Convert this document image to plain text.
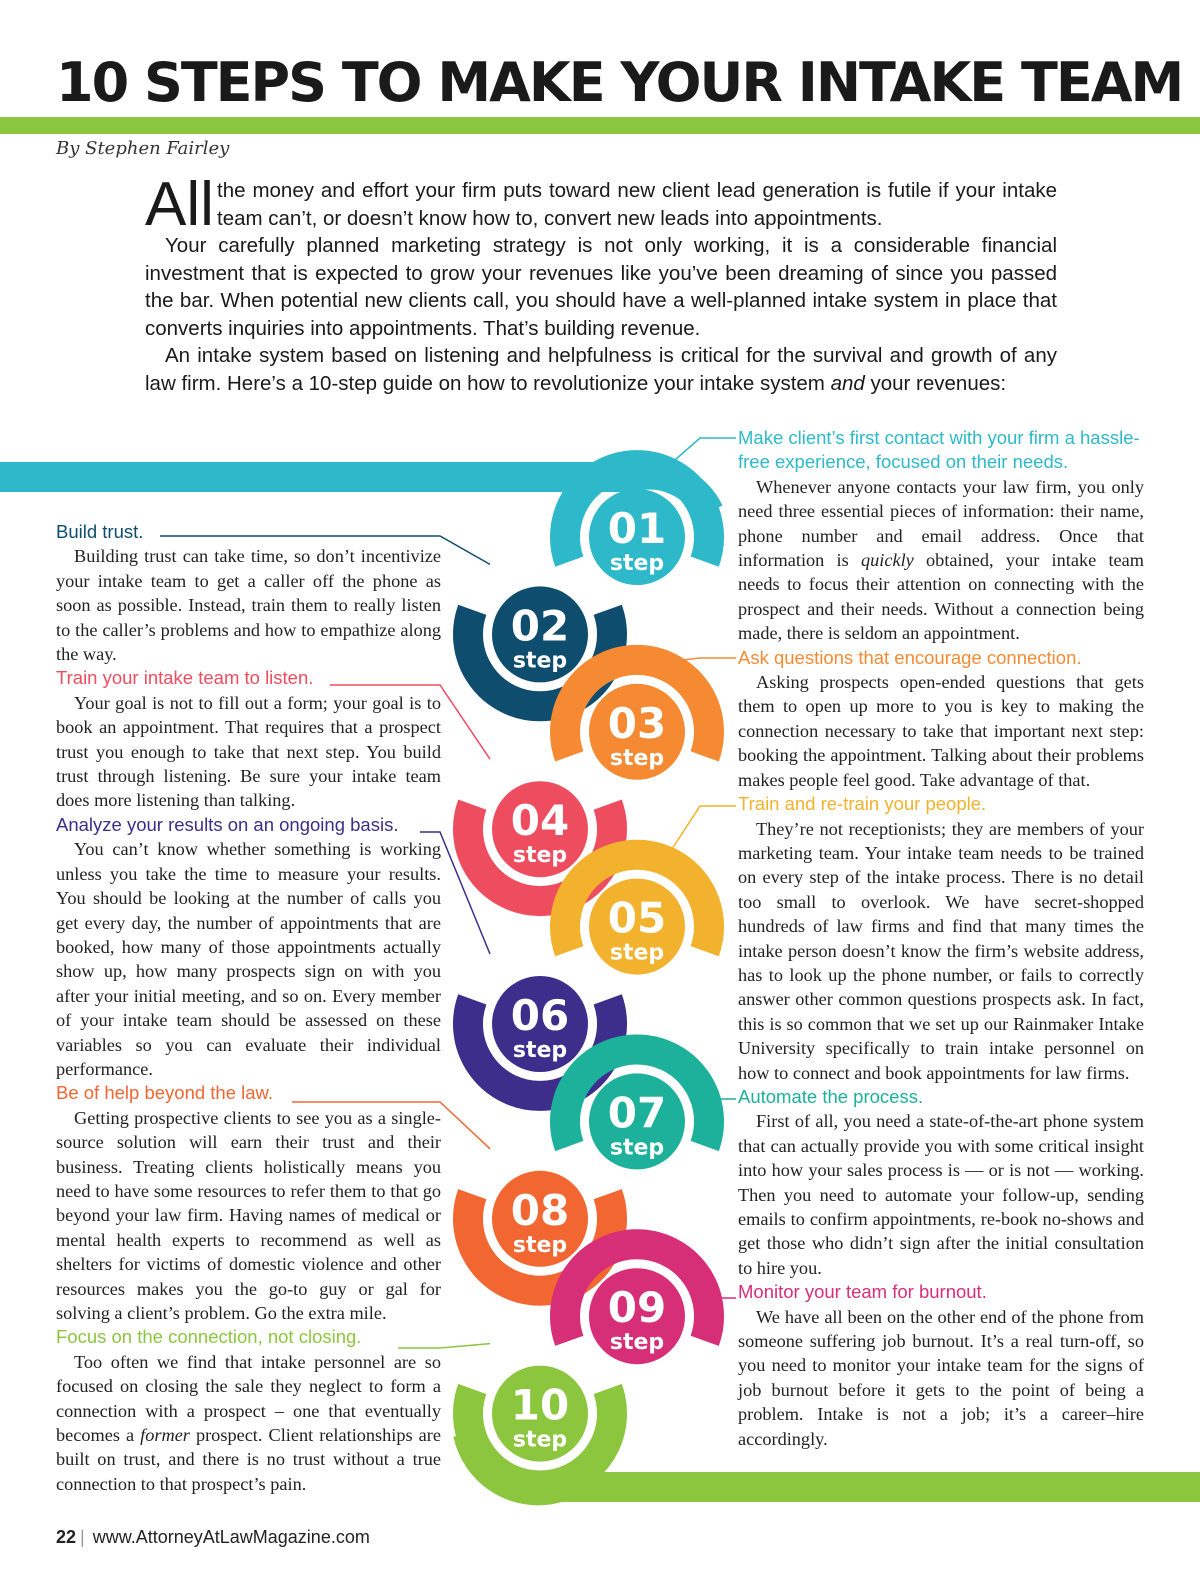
10 STEPS TO MAKE YOUR INTAKE TEAM
By Stephen Fairley
All the money and effort your firm puts toward new client lead generation is futile if your intake team can’t, or doesn’t know how to, convert new leads into appointments.

Your carefully planned marketing strategy is not only working, it is a considerable financial investment that is expected to grow your revenues like you’ve been dreaming of since you passed the bar. When potential new clients call, you should have a well-planned intake system in place that converts inquiries into appointments. That’s building revenue.

An intake system based on listening and helpfulness is critical for the survival and growth of any law firm. Here’s a 10-step guide on how to revolutionize your intake system and your revenues:

01
step
02
step
03
step
04
step
05
step
06
step
07
step
08
step
09
step
10
step
Build trust.

Building trust can take time, so don’t incentivize your intake team to get a caller off the phone as soon as possible. Instead, train them to really listen to the caller’s problems and how to empathize along the way.

Train your intake team to listen.

Your goal is not to fill out a form; your goal is to book an appointment. That requires that a prospect trust you enough to take that next step. You build trust through listening. Be sure your intake team does more listening than talking.

Analyze your results on an ongoing basis.

You can’t know whether something is working unless you take the time to measure your results. You should be looking at the number of calls you get every day, the number of appointments that are booked, how many of those appointments actually show up, how many prospects sign on with you after your initial meeting, and so on. Every member of your intake team should be assessed on these variables so you can evaluate their individual performance.

Be of help beyond the law.

Getting prospective clients to see you as a single-source solution will earn their trust and their business. Treating clients holistically means you need to have some resources to refer them to that go beyond your law firm. Having names of medical or mental health experts to recommend as well as shelters for victims of domestic violence and other resources makes you the go-to guy or gal for solving a client’s problem. Go the extra mile.

Focus on the connection, not closing.

Too often we find that intake personnel are so focused on closing the sale they neglect to form a connection with a prospect – one that eventually becomes a former prospect. Client relationships are built on trust, and there is no trust without a true connection to that prospect’s pain.

Make client’s first contact with your firm a hassle-free experience, focused on their needs.

Whenever anyone contacts your law firm, you only need three essential pieces of information: their name, phone number and email address. Once that information is quickly obtained, your intake team needs to focus their attention on connecting with the prospect and their needs. Without a connection being made, there is seldom an appointment.

Ask questions that encourage connection.

Asking prospects open-ended questions that gets them to open up more to you is key to making the connection necessary to take that important next step: booking the appointment. Talking about their problems makes people feel good. Take advantage of that.

Train and re-train your people.

They’re not receptionists; they are members of your marketing team. Your intake team needs to be trained on every step of the intake process. There is no detail too small to overlook. We have secret-shopped hundreds of law firms and find that many times the intake person doesn’t know the firm’s website address, has to look up the phone number, or fails to correctly answer other common questions prospects ask. In fact, this is so common that we set up our Rainmaker Intake University specifically to train intake personnel on how to connect and book appointments for law firms.

Automate the process.

First of all, you need a state-of-the-art phone system that can actually provide you with some critical insight into how your sales process is — or is not — working. Then you need to automate your follow-up, sending emails to confirm appointments, re-book no-shows and get those who didn’t sign after the initial consultation to hire you.

Monitor your team for burnout.

We have all been on the other end of the phone from someone suffering job burnout. It’s a real turn-off, so you need to monitor your intake team for the signs of job burnout before it gets to the point of being a problem. Intake is not a job; it’s a career–hire accordingly.

22 | www.AttorneyAtLawMagazine.com
